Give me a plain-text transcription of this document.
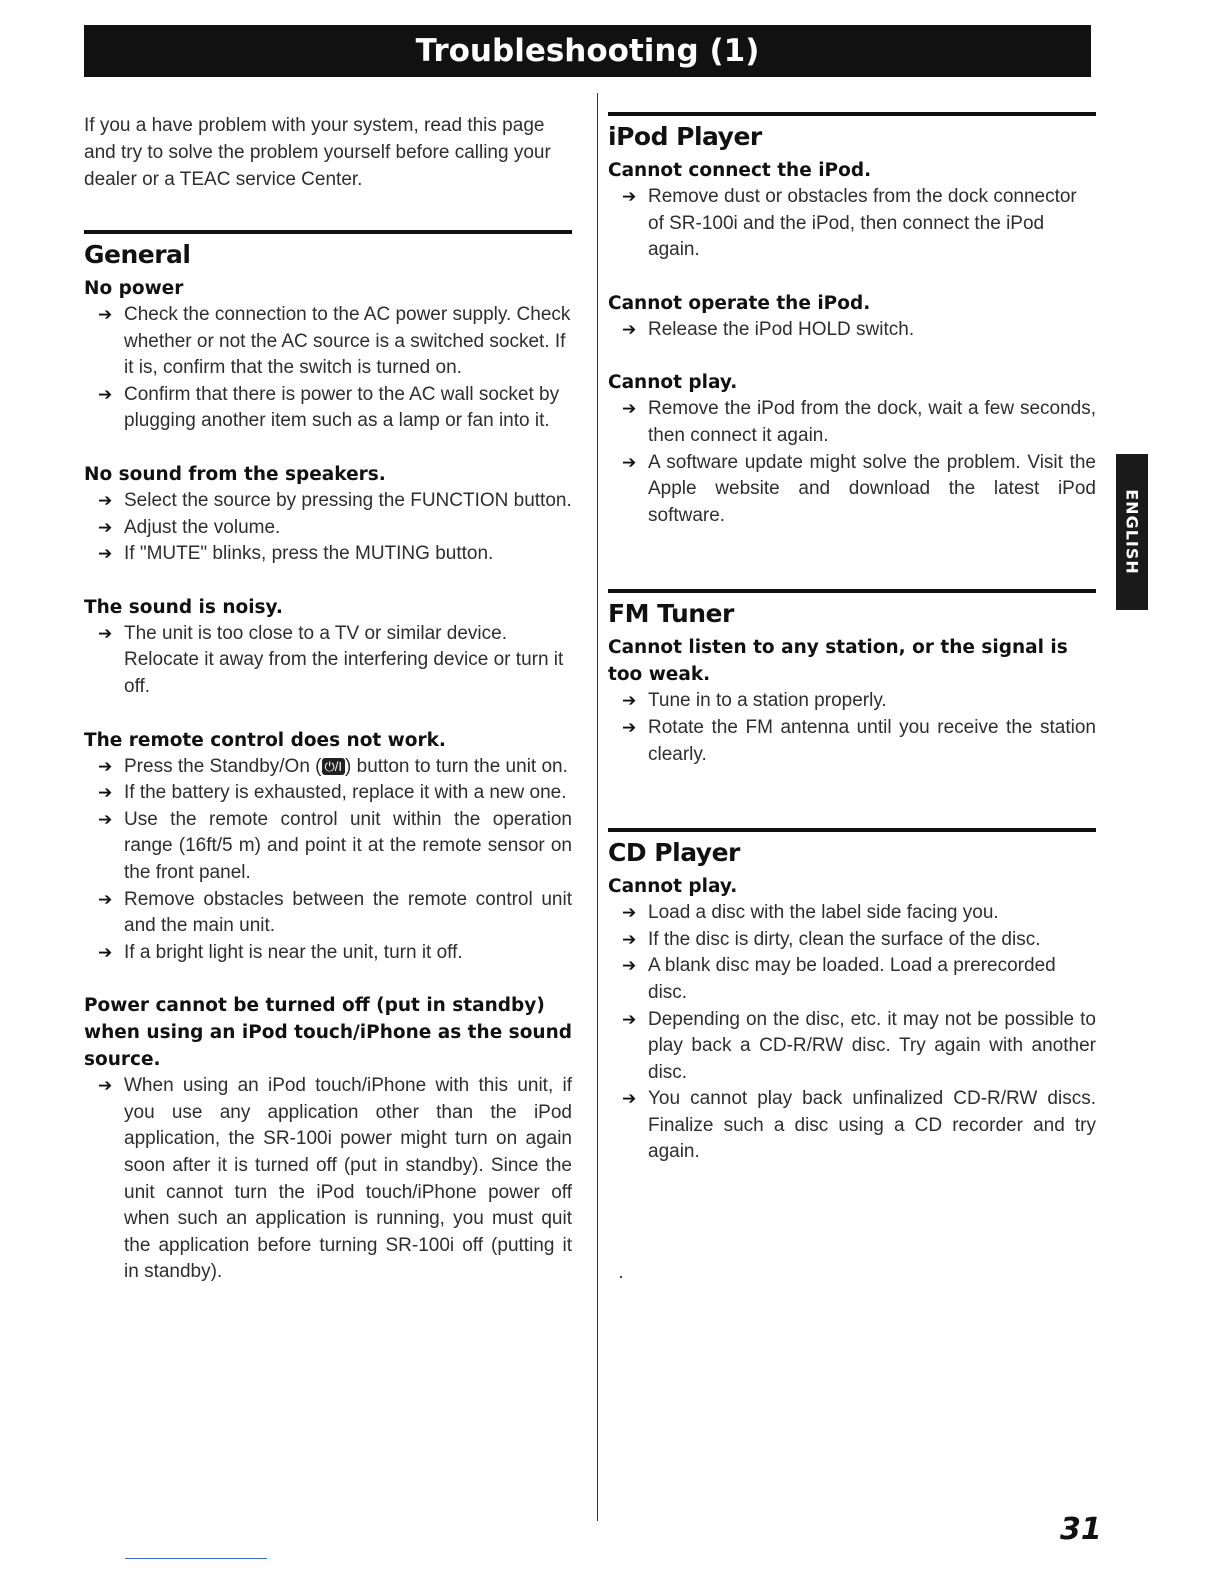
Troubleshooting (1)

If you a have problem with your system, read this page and try to solve the problem yourself before calling your dealer or a TEAC service Center.

General

No power

➔ Check the connection to the AC power supply. Check whether or not the AC source is a switched socket. If it is, confirm that the switch is turned on.
➔ Confirm that there is power to the AC wall socket by plugging another item such as a lamp or fan into it.

No sound from the speakers.

➔ Select the source by pressing the FUNCTION button.
➔ Adjust the volume.
➔ If "MUTE" blinks, press the MUTING button.

The sound is noisy.

➔ The unit is too close to a TV or similar device. Relocate it away from the interfering device or turn it off.

The remote control does not work.

➔ Press the Standby/On ( ⏻/I ) button to turn the unit on.
➔ If the battery is exhausted, replace it with a new one.
➔ Use the remote control unit within the operation range (16ft/5 m) and point it at the remote sensor on the front panel.
➔ Remove obstacles between the remote control unit and the main unit.
➔ If a bright light is near the unit, turn it off.

Power cannot be turned off (put in standby) when using an iPod touch/iPhone as the sound source.

➔ When using an iPod touch/iPhone with this unit, if you use any application other than the iPod application, the SR-100i power might turn on again soon after it is turned off (put in standby). Since the unit cannot turn the iPod touch/iPhone power off when such an application is running, you must quit the application before turning SR-100i off (putting it in standby).
iPod Player

Cannot connect the iPod.

➔ Remove dust or obstacles from the dock connector of SR-100i and the iPod, then connect the iPod again.

Cannot operate the iPod.

➔ Release the iPod HOLD switch.

Cannot play.

➔ Remove the iPod from the dock, wait a few seconds, then connect it again.
➔ A software update might solve the problem. Visit the Apple website and download the latest iPod software.
FM Tuner

Cannot listen to any station, or the signal is too weak.

➔ Tune in to a station properly.
➔ Rotate the FM antenna until you receive the station clearly.
CD Player

Cannot play.

➔ Load a disc with the label side facing you.
➔ If the disc is dirty, clean the surface of the disc.
➔ A blank disc may be loaded. Load a prerecorded disc.
➔ Depending on the disc, etc. it may not be possible to play back a CD-R/RW disc. Try again with another disc.
➔ You cannot play back unfinalized CD-R/RW discs. Finalize such a disc using a CD recorder and try again.
ENGLISH
31
